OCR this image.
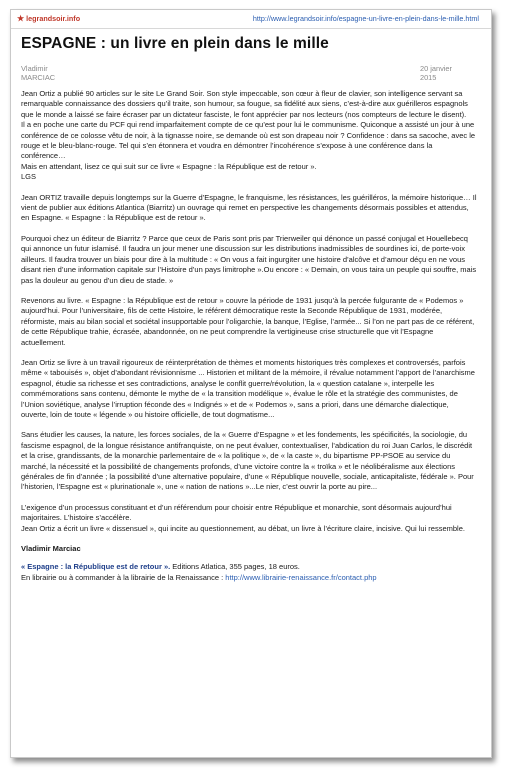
★ legrandsoir.info	http://www.legrandsoir.info/espagne-un-livre-en-plein-dans-le-mille.html
ESPAGNE : un livre en plein dans le mille
Vladimir
MARCIAC
20 janvier
2015

Jean Ortiz a publié 90 articles sur le site Le Grand Soir. Son style impeccable, son cœur à fleur de clavier, son intelligence servant sa remarquable connaissance des dossiers qu’il traite, son humour, sa fougue, sa fidélité aux siens, c’est-à-dire aux guérilleros espagnols que le monde a laissé se faire écraser par un dictateur fasciste, le font apprécier par nos lecteurs (nos compteurs de lecture le disent).

Il a en poche une carte du PCF qui rend imparfaitement compte de ce qu’est pour lui le communisme. Quiconque a assisté un jour à une conférence de ce colosse vêtu de noir, à la tignasse noire, se demande où est son drapeau noir ? Confidence : dans sa sacoche, avec le rouge et le bleu-blanc-rouge. Tel qui s’en étonnera et voudra en démontrer l’incohérence s’expose à une conférence dans la conférence…

Mais en attendant, lisez ce qui suit sur ce livre « Espagne : la République est de retour ».

LGS

Jean ORTIZ travaille depuis longtemps sur la Guerre d’Espagne, le franquisme, les résistances, les guérilléros, la mémoire historique… Il vient de publier aux éditions Atlantica (Biarritz) un ouvrage qui remet en perspective les changements désormais possibles et attendus, en Espagne. « Espagne : la République est de retour ».

Pourquoi chez un éditeur de Biarritz ? Parce que ceux de Paris sont pris par Trierweiler qui dénonce un passé conjugal et Houellebecq qui annonce un futur islamisé. Il faudra un jour mener une discussion sur les distributions inadmissibles de sourdines ici, de porte-voix ailleurs. Il faudra trouver un biais pour dire à la multitude : « On vous a fait ingurgiter une histoire d’alcôve et d’amour déçu en ne vous disant rien d’une information capitale sur l’Histoire d’un pays limitrophe ».Ou encore : « Demain, on vous taira un peuple qui souffre, mais pas la douleur au genou d’un dieu de stade. »

Revenons au livre. « Espagne : la République est de retour » couvre la période de 1931 jusqu’à la percée fulgurante de « Podemos » aujourd’hui. Pour l’universitaire, fils de cette Histoire, le référent démocratique reste la Seconde République de 1931, modérée, réformiste, mais au bilan social et sociétal insupportable pour l’oligarchie, la banque, l’Eglise, l’armée... Si l’on ne part pas de ce référent, de cette République trahie, écrasée, abandonnée, on ne peut comprendre la vertigineuse crise structurelle que vit l’Espagne actuellement.

Jean Ortiz se livre à un travail rigoureux de réinterprétation de thèmes et moments historiques très complexes et controversés, parfois même « tabouisés », objet d’abondant révisionnisme ... Historien et militant de la mémoire, il révalue notamment l’apport de l’anarchisme espagnol, étudie sa richesse et ses contradictions, analyse le conflit guerre/révolution, la « question catalane », interpelle les commémorations sans contenu, démonte le mythe de « la transition modélique », évalue le rôle et la stratégie des communistes, de l’Union soviétique, analyse l’irruption féconde des « Indignés » et de « Podemos », sans a priori, dans une démarche dialectique, ouverte, loin de toute « légende » ou histoire officielle, de tout dogmatisme...

Sans étudier les causes, la nature, les forces sociales, de la « Guerre d’Espagne » et les fondements, les spécificités, la sociologie, du fascisme espagnol, de la longue résistance antifranquiste, on ne peut évaluer, contextualiser, l’abdication du roi Juan Carlos, le discrédit et la crise, grandissants, de la monarchie parlementaire de « la politique », de « la caste », du bipartisme PP-PSOE au service du marché, la nécessité et la possibilité de changements profonds, d’une victoire contre la « troïka » et le néolibéralisme aux élections générales de fin d’année ; la possibilité d’une alternative populaire, d’une « République nouvelle, sociale, anticapitaliste, fédérale ». Pour l’historien, l’Espagne est « plurinationale », une « nation de nations »...Le nier, c’est ouvrir la porte au pire...

L’exigence d’un processus constituant et d’un référendum pour choisir entre République et monarchie, sont désormais aujourd’hui majoritaires. L’histoire s’accélère.

Jean Ortiz a écrit un livre « dissensuel », qui incite au questionnement, au débat, un livre à l’écriture claire, incisive. Qui lui ressemble.

Vladimir Marciac

« Espagne : la République est de retour ». Editions Atlatica, 355 pages, 18 euros.

En librairie ou à commander à la librairie de la Renaissance : http://www.librairie-renaissance.fr/contact.php
